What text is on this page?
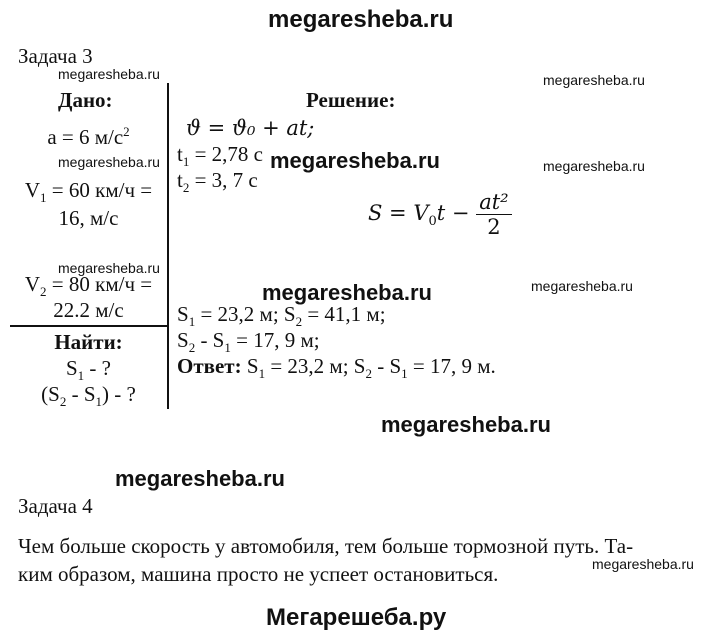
megaresheba.ru
Задача 3
megaresheba.ru	megaresheba.ru
megaresheba.ru	megaresheba.ru
megaresheba.ru
megaresheba.ru
megaresheba.ru
megaresheba.ru
megaresheba.ru
megaresheba.ru
megaresheba.ru
Дано:
a = 6 $м/с^2$
$V_1 = 60$ км/ч =
16, м/с
$V_2 = 80$ км/ч =
22.2 м/с
Найти:
$S_1$ - ?
$(S_2 - S_1)$ - ?
Решение:
ϑ = ϑ₀ + at;
$t_1 = 2,78$ с
$t_2 = 3$, 7 с
$S = V_0t - \frac{\text{at²}}{2}$
$S_1 = 23,2$ м; $S_2 = 41,1$ м;
$S_2 - S_1 = 17$, 9 м;
Ответ: $S_1 = 23,2$ м; $S_2 - S_1 = 17$, 9 м.
Задача 4
Чем больше скорость у автомобиля, тем больше тормозной путь. Та-
ким образом, машина просто не успеет остановиться.
Мегарешеба.ру
